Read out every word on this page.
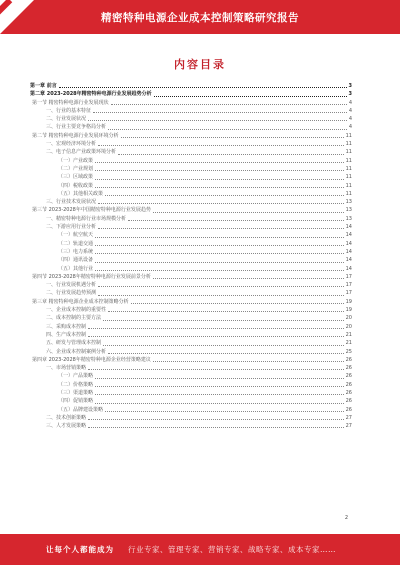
精密特种电源企业成本控制策略研究报告
内容目录
第一章 前言	3
第二章 2023-2028年精密特种电源行业发展趋势分析	3
第一节 精密特种电源行业发展现状	4
一、行业的基本特征	4
二、行业发展状况	4
三、行业主要竞争格局分析	4
第二节 精密特种电源行业发展环境分析	11
一、宏观经济环境分析	11
二、电子信息产业政策环境分析	11
（一）产业政策	11
（二）产业规划	11
（三）区域政策	11
（四）税收政策	11
（五）其他相关政策	11
三、行业技术发展状况	13
第三节 2023-2028年中国精密特种电源行业发展趋势	13
一、精密特种电源行业市场规模分析	13
二、下游应用行业分析	14
（一）航空航天	14
（二）轨道交通	14
（三）电力系统	14
（四）通讯设备	14
（五）其他行业	14
第四节 2023-2028年精密特种电源行业发展前景分析	17
一、行业发展机遇分析	17
二、行业发展趋势预测	17
第三章 精密特种电源企业成本控制策略分析	19
一、企业成本控制的重要性	19
二、成本控制的主要方法	20
三、采购成本控制	20
四、生产成本控制	21
五、研发与管理成本控制	21
六、企业成本控制案例分析	25
第四章 2023-2028年精密特种电源企业经营策略建议	26
一、市场营销策略	26
（一）产品策略	26
（二）价格策略	26
（三）渠道策略	26
（四）促销策略	26
（五）品牌建设策略	26
二、技术创新策略	27
三、人才发展策略	27
2
让每个人都能成为 行业专家、管理专家、营销专家、战略专家、成本专家……
